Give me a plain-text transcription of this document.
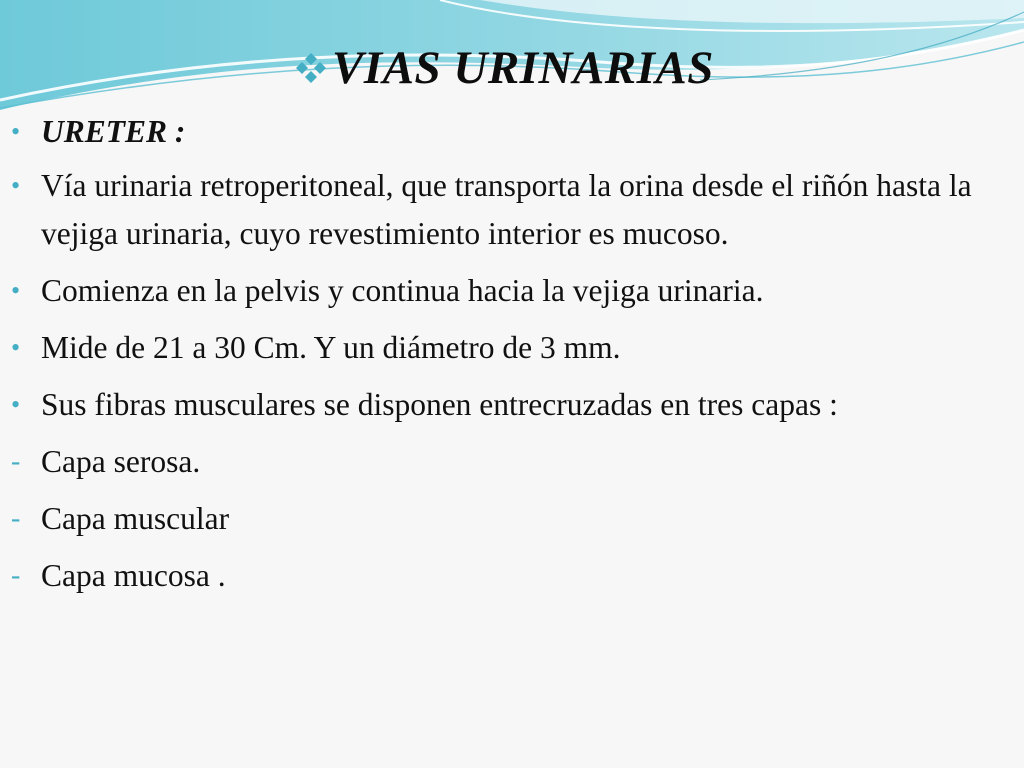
VIAS URINARIAS
• URETER :
• Vía urinaria retroperitoneal, que transporta la orina desde el riñón hasta la vejiga urinaria, cuyo revestimiento interior es mucoso.
• Comienza en la pelvis y continua hacia la vejiga urinaria.
• Mide de 21 a 30 Cm. Y un diámetro de 3 mm.
• Sus fibras musculares se disponen entrecruzadas en tres capas :
- Capa serosa.
- Capa muscular
- Capa mucosa .
